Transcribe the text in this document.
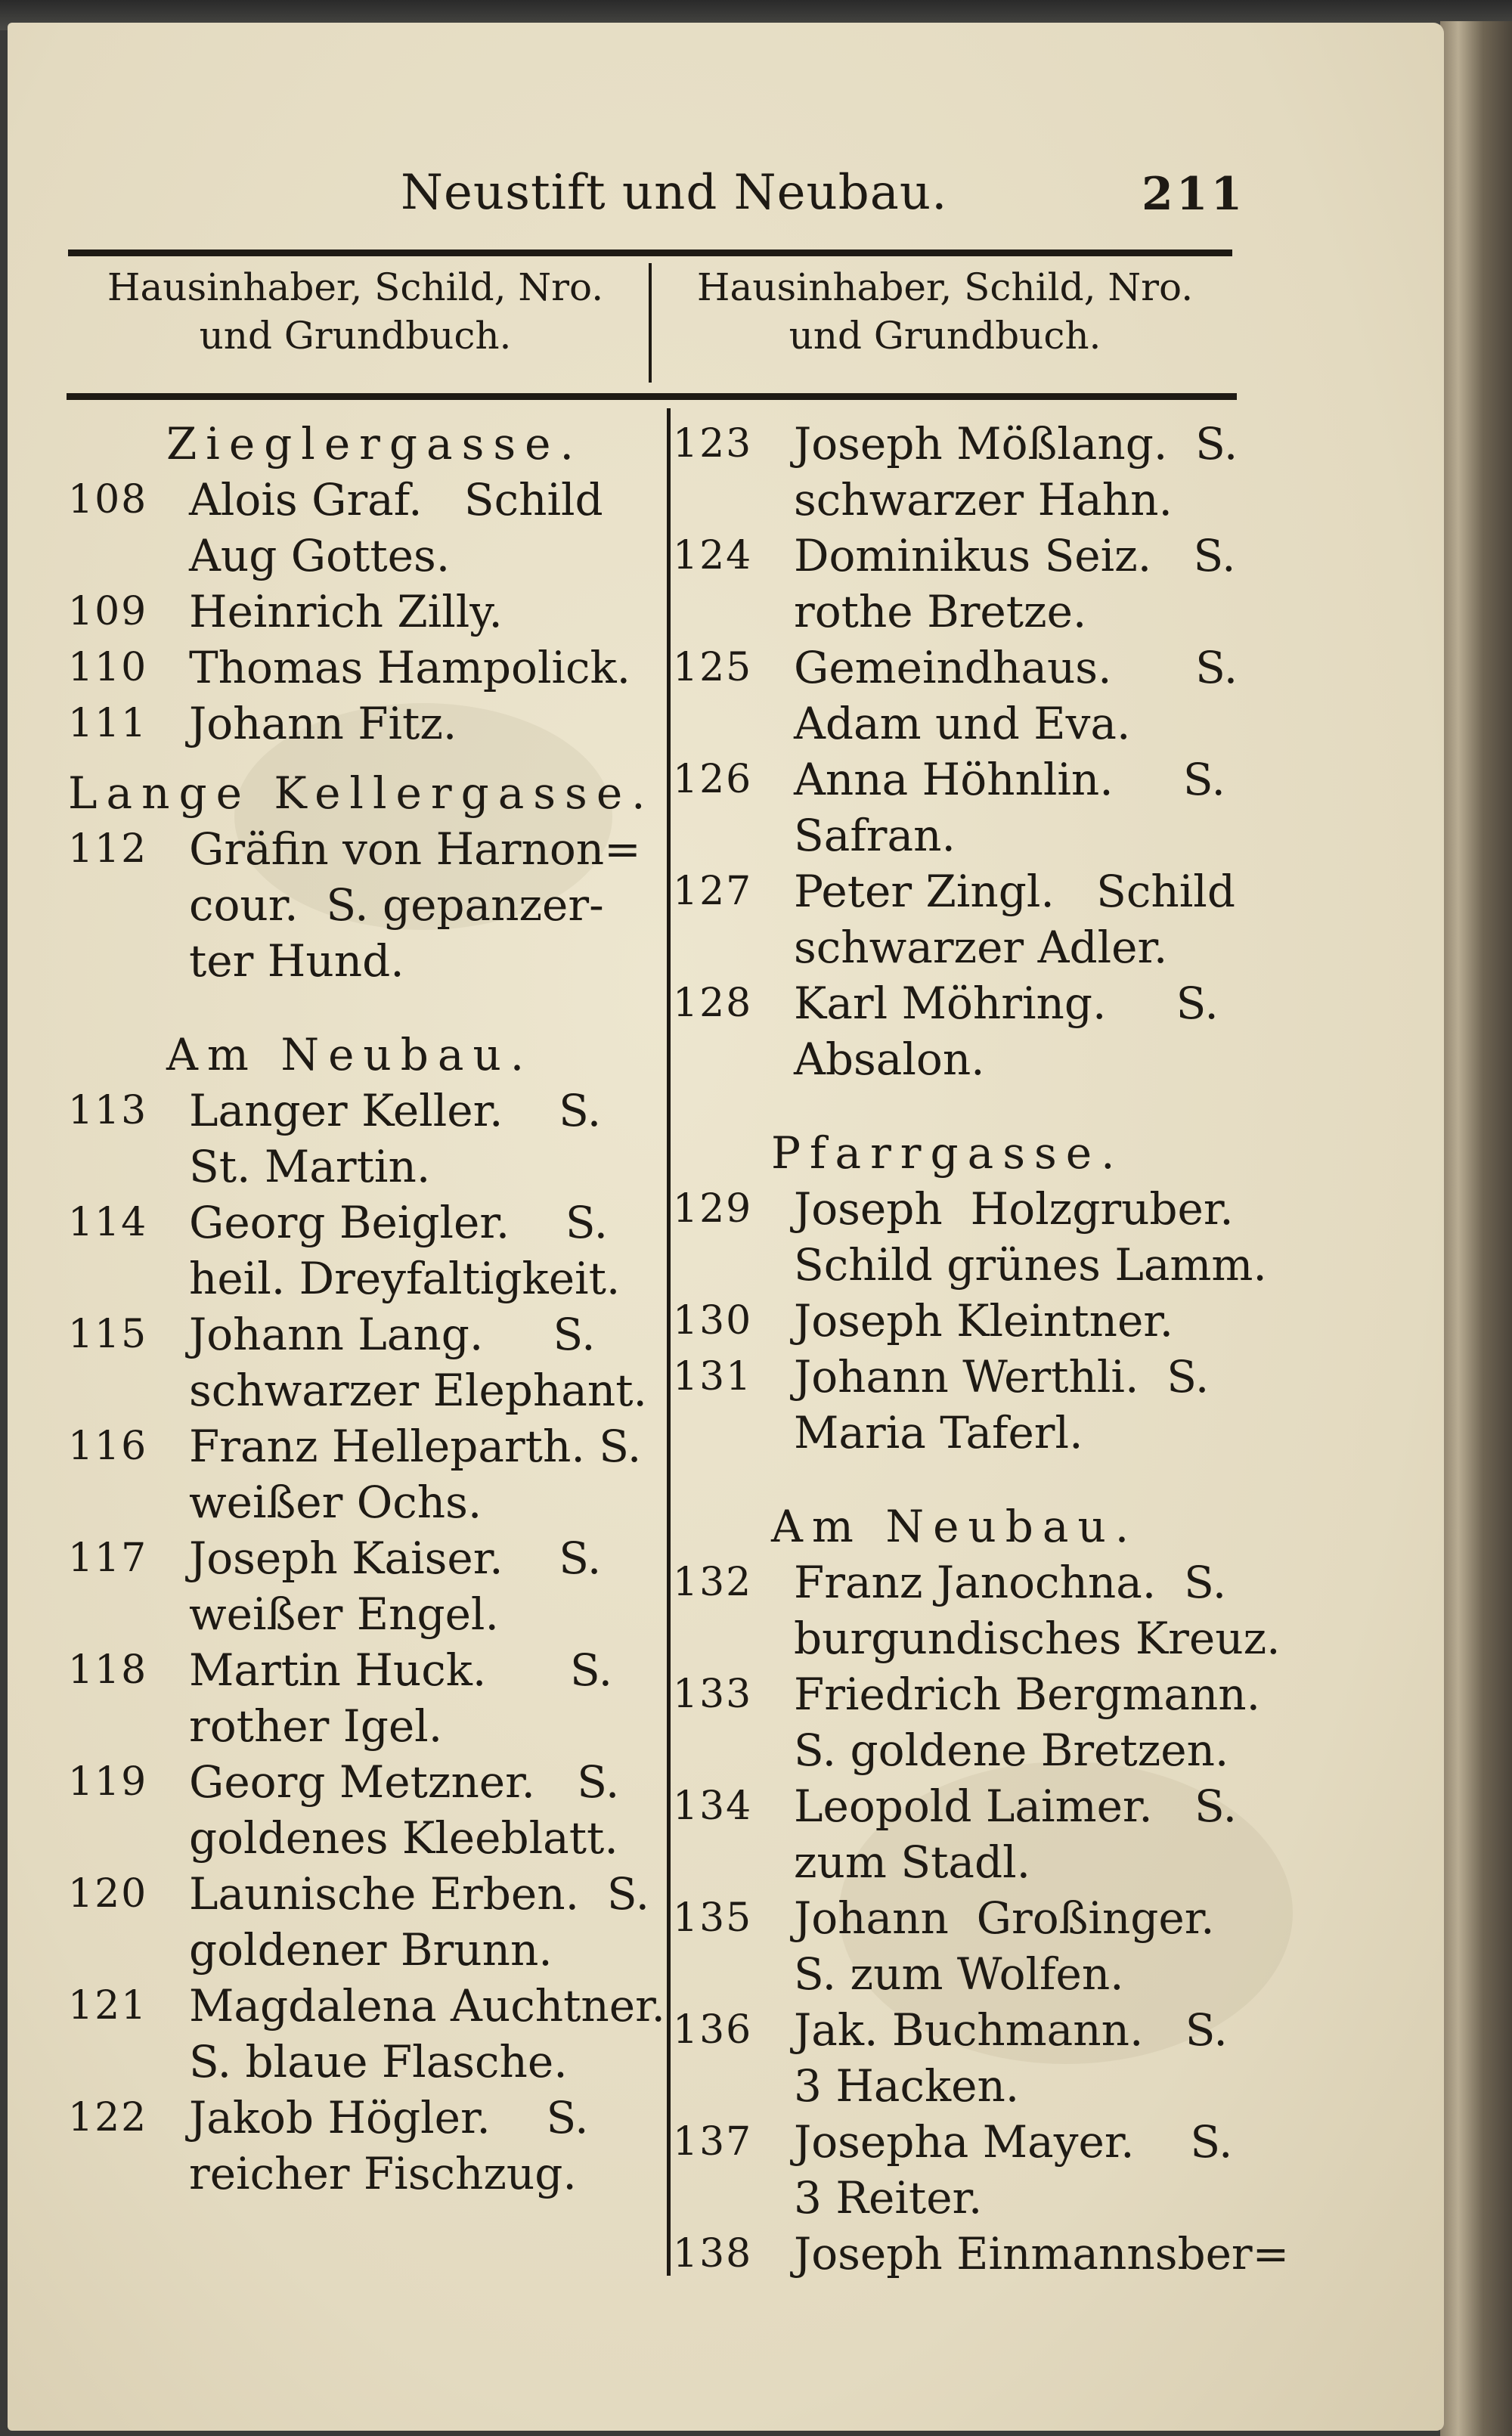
Neustift und Neubau.	211
Hausinhaber, Schild, Nro.
und Grundbuch.
Hausinhaber, Schild, Nro.
und Grundbuch.
Zieglergasse.
108 Alois Graf.   Schild
Aug Gottes.
109 Heinrich Zilly.
110 Thomas Hampolick.
111 Johann Fitz.
Lange Kellergasse.
112 Gräfin von Harnon=
cour.  S. gepanzer-
ter Hund.
Am Neubau.
113 Langer Keller.    S.
St. Martin.
114 Georg Beigler.    S.
heil. Dreyfaltigkeit.
115 Johann Lang.     S.
schwarzer Elephant.
116 Franz Helleparth. S.
weißer Ochs.
117 Joseph Kaiser.    S.
weißer Engel.
118 Martin Huck.      S.
rother Igel.
119 Georg Metzner.   S.
goldenes Kleeblatt.
120 Launische Erben.  S.
goldener Brunn.
121 Magdalena Auchtner.
S. blaue Flasche.
122 Jakob Högler.    S.
reicher Fischzug.
123 Joseph Mößlang.  S.
schwarzer Hahn.
124 Dominikus Seiz.   S.
rothe Bretze.
125 Gemeindhaus.      S.
Adam und Eva.
126 Anna Höhnlin.     S.
Safran.
127 Peter Zingl.   Schild
schwarzer Adler.
128 Karl Möhring.     S.
Absalon.
Pfarrgasse.
129 Joseph  Holzgruber.
Schild grünes Lamm.
130 Joseph Kleintner.
131 Johann Werthli.  S.
Maria Taferl.
Am Neubau.
132 Franz Janochna.  S.
burgundisches Kreuz.
133 Friedrich Bergmann.
S. goldene Bretzen.
134 Leopold Laimer.   S.
zum Stadl.
135 Johann  Großinger.
S. zum Wolfen.
136 Jak. Buchmann.   S.
3 Hacken.
137 Josepha Mayer.    S.
3 Reiter.
138 Joseph Einmannsber=
